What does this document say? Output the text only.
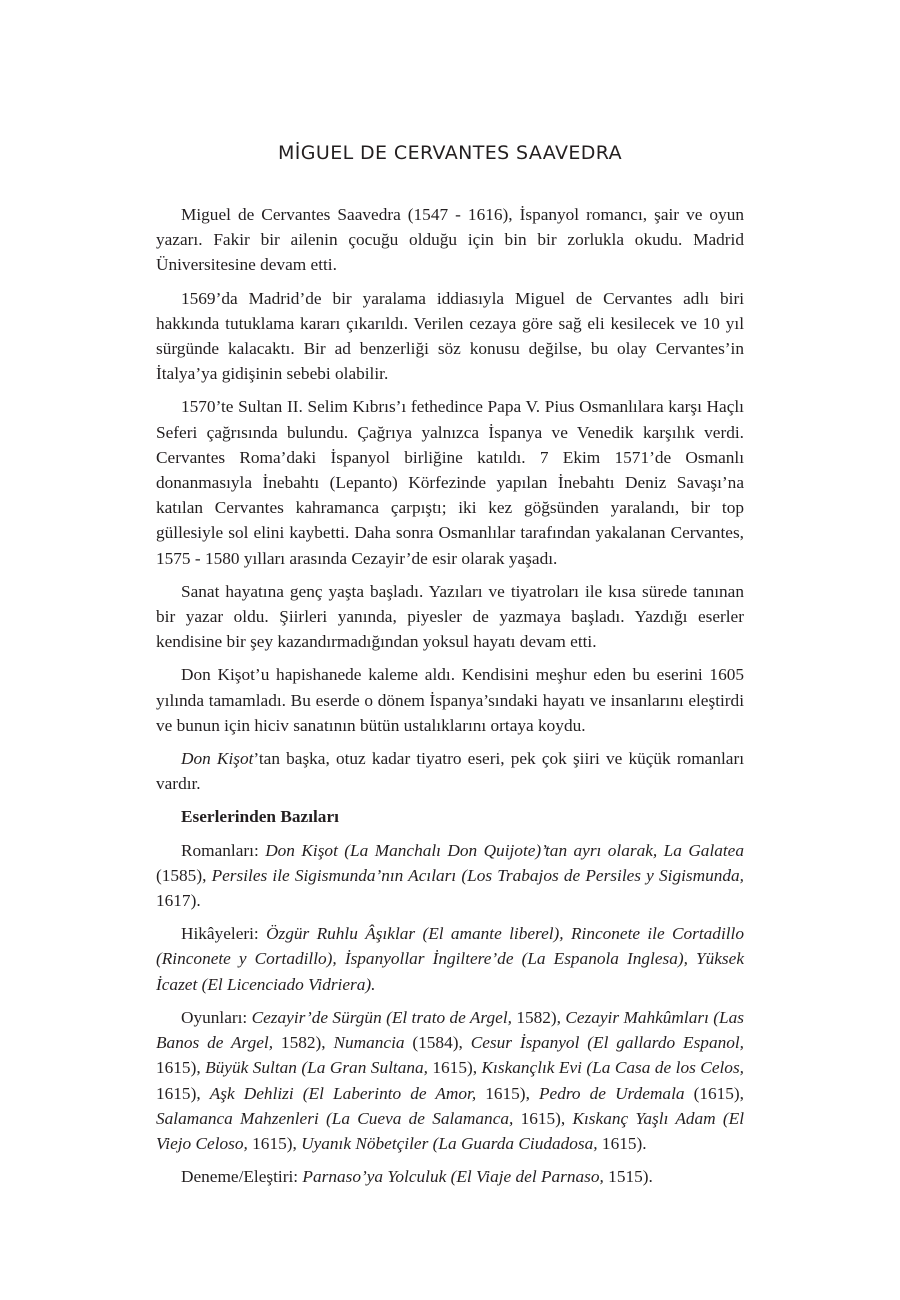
MİGUEL DE CERVANTES SAAVEDRA

Miguel de Cervantes Saavedra (1547 - 1616), İspanyol romancı, şair ve oyun yazarı. Fakir bir ailenin çocuğu olduğu için bin bir zorlukla okudu. Madrid Üniversitesine devam etti.

1569’da Madrid’de bir yaralama iddiasıyla Miguel de Cervantes adlı biri hakkında tutuklama kararı çıkarıldı. Verilen cezaya göre sağ eli kesilecek ve 10 yıl sürgünde kalacaktı. Bir ad benzerliği söz konusu değilse, bu olay Cervantes’in İtalya’ya gidişinin sebebi olabilir.

1570’te Sultan II. Selim Kıbrıs’ı fethedince Papa V. Pius Osmanlılara karşı Haçlı Seferi çağrısında bulundu. Çağrıya yalnızca İspanya ve Venedik karşılık verdi. Cervantes Roma’daki İspanyol birliğine katıldı. 7 Ekim 1571’de Osmanlı donanmasıyla İnebahtı (Lepanto) Körfezinde yapılan İnebahtı Deniz Savaşı’na katılan Cervantes kahramanca çarpıştı; iki kez göğsünden yaralandı, bir top güllesiyle sol elini kaybetti. Daha sonra Osmanlılar tarafından yakalanan Cervantes, 1575 - 1580 yılları arasında Cezayir’de esir olarak yaşadı.

Sanat hayatına genç yaşta başladı. Yazıları ve tiyatroları ile kısa sürede tanınan bir yazar oldu. Şiirleri yanında, piyesler de yazmaya başladı. Yazdığı eserler kendisine bir şey kazandırmadığından yoksul hayatı devam etti.

Don Kişot’u hapishanede kaleme aldı. Kendisini meşhur eden bu eserini 1605 yılında tamamladı. Bu eserde o dönem İspanya’sındaki hayatı ve insanlarını eleştirdi ve bunun için hiciv sanatının bütün ustalıklarını ortaya koydu.

Don Kişot’tan başka, otuz kadar tiyatro eseri, pek çok şiiri ve küçük romanları vardır.

Eserlerinden Bazıları

Romanları: Don Kişot (La Manchalı Don Quijote)’tan ayrı olarak, La Galatea (1585), Persiles ile Sigismunda’nın Acıları (Los Trabajos de Persiles y Sigismunda, 1617).

Hikâyeleri: Özgür Ruhlu Âşıklar (El amante liberel), Rinconete ile Cortadillo (Rinconete y Cortadillo), İspanyollar İngiltere’de (La Espanola Inglesa), Yüksek İcazet (El Licenciado Vidriera).

Oyunları: Cezayir’de Sürgün (El trato de Argel, 1582), Cezayir Mahkûmları (Las Banos de Argel, 1582), Numancia (1584), Cesur İspanyol (El gallardo Espanol, 1615), Büyük Sultan (La Gran Sultana, 1615), Kıskançlık Evi (La Casa de los Celos, 1615), Aşk Dehlizi (El Laberinto de Amor, 1615), Pedro de Urdemala (1615), Salamanca Mahzenleri (La Cueva de Salamanca, 1615), Kıskanç Yaşlı Adam (El Viejo Celoso, 1615), Uyanık Nöbetçiler (La Guarda Ciudadosa, 1615).

Deneme/Eleştiri: Parnaso’ya Yolculuk (El Viaje del Parnaso, 1515).
